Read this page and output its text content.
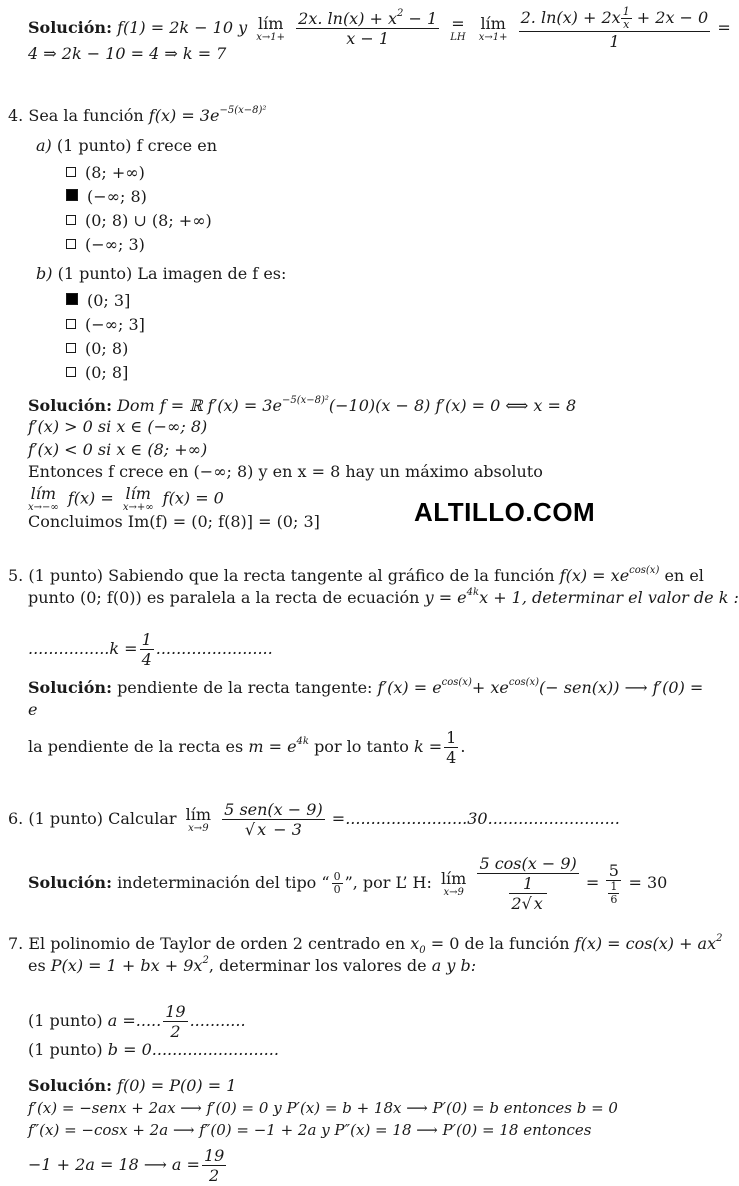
Solución: f(1) = 2k − 10 y lím
x→1+
$\frac{2x. \ln(x) + x^2 - 1}{x - 1}$
=
LH

lím
x→1+
$\frac{2. \ln(x) + 2x \frac{1}{x} + 2x - 0}{1}$ =
4 ⇒ 2k − 10 = 4 ⇒ k = 7
4. Sea la función $f(x) = 3e^{-5(x-8)^2}$
a) (1 punto) f crece en
(8; +∞)
(−∞; 8)
(0; 8) ∪ (8; +∞)
(−∞; 3)
b) (1 punto) La imagen de f es:
(0; 3]
(−∞; 3]
(0; 8)
(0; 8]
Solución: Dom f = ℝ $f'(x) = 3e^{-5(x-8)^2}(-10)(x - 8) f'(x) = 0$ ⟺ x = 8
f′(x) > 0 si x ∈ (−∞; 8)
f′(x) < 0 si x ∈ (8; +∞)
Entonces f crece en (−∞; 8) y en x = 8 hay un máximo absoluto
lím
x→−∞ f(x) = lím
x→+∞ f(x) = 0
Concluimos Im(f) = (0; f(8)] = (0; 3]	ALTILLO.COM
5. (1 punto) Sabiendo que la recta tangente al gráfico de la función $f(x) = xe^{cos(x)}$ en el
punto (0; f(0)) es paralela a la recta de ecuación $y = e^{4k}x + 1$, determinar el valor de k :
$................k = \frac{1}{4}$ .......................
Solución: pendiente de la recta tangente: $f'(x) = e^{cos(x)}+ xe^{cos(x)}(- sen(x))$ ⟶ f′(0) =
e
la pendiente de la recta es $m = e^{4k}$ por lo tanto $k = \frac{1}{4}$ .
6. (1 punto) Calcular lím
x→9
$\frac{\text{5 sen(x − 9)}}{√ x - 3} =........................30$..........................
Solución: indeterminación del tipo “ $\frac{0}{0}$ ”, por L’ H: lím
x→9
$\frac{5 \cos(x - 9)}{\frac{1}{2√ x}} = \frac{5}{\frac{1}{6}} = 30$
7. El polinomio de Taylor de orden 2 centrado en $x_0 = 0$ de la función $f(x) = \cos(x) + ax^2$
es P(x) = 1 + bx + $9x^2$, determinar los valores de a y b:
(1 punto) a =..... $\frac{19}{2}$ ...........
(1 punto) b = 0.........................
Solución: f(0) = P(0) = 1
f′(x) = −senx + 2ax ⟶ f′(0) = 0 y P′(x) = b + 18x ⟶ P′(0) = b entonces b = 0
f″(x) = −cosx + 2a ⟶ f″(0) = −1 + 2a y P″(x) = 18 ⟶ P′(0) = 18 entonces
−1 + 2a = 18 ⟶ $a = \frac{19}{2}$
